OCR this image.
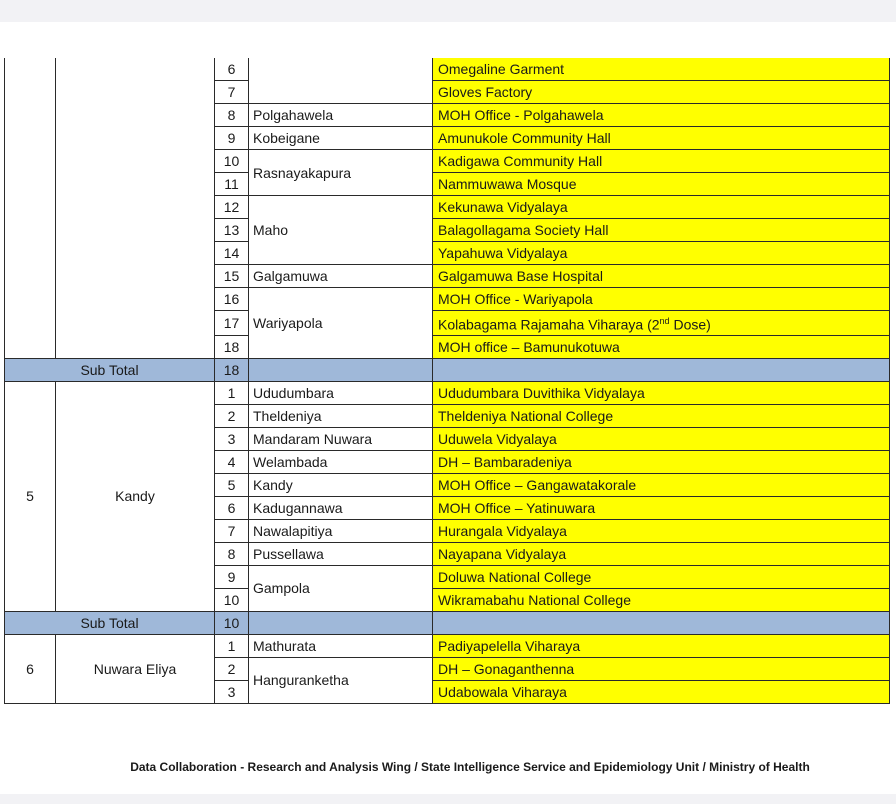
		6		Omegaline Garment
		7		Gloves Factory
		8	Polgahawela	MOH Office - Polgahawela
		9	Kobeigane	Amunukole Community Hall
		10	Rasnayakapura	Kadigawa Community Hall
		11		Nammuwawa Mosque
		12	Maho	Kekunawa Vidyalaya
		13		Balagollagama Society Hall
		14		Yapahuwa Vidyalaya
		15	Galgamuwa	Galgamuwa Base Hospital
		16	Wariyapola	MOH Office - Wariyapola
		17		Kolabagama Rajamaha Viharaya (2nd Dose)
		18		MOH office – Bamunukotuwa
Sub Total		18		
5	Kandy	1	Ududumbara	Ududumbara Duvithika Vidyalaya
		2	Theldeniya	Theldeniya National College
		3	Mandaram Nuwara	Uduwela Vidyalaya
		4	Welambada	DH – Bambaradeniya
		5	Kandy	MOH Office – Gangawatakorale
		6	Kadugannawa	MOH Office – Yatinuwara
		7	Nawalapitiya	Hurangala Vidyalaya
		8	Pussellawa	Nayapana Vidyalaya
		9	Gampola	Doluwa National College
		10		Wikramabahu National College
Sub Total		10		
6	Nuwara Eliya	1	Mathurata	Padiyapelella Viharaya
		2	Hanguranketha	DH – Gonaganthenna
		3		Udabowala Viharaya
Data Collaboration - Research and Analysis Wing / State Intelligence Service and Epidemiology Unit / Ministry of Health
